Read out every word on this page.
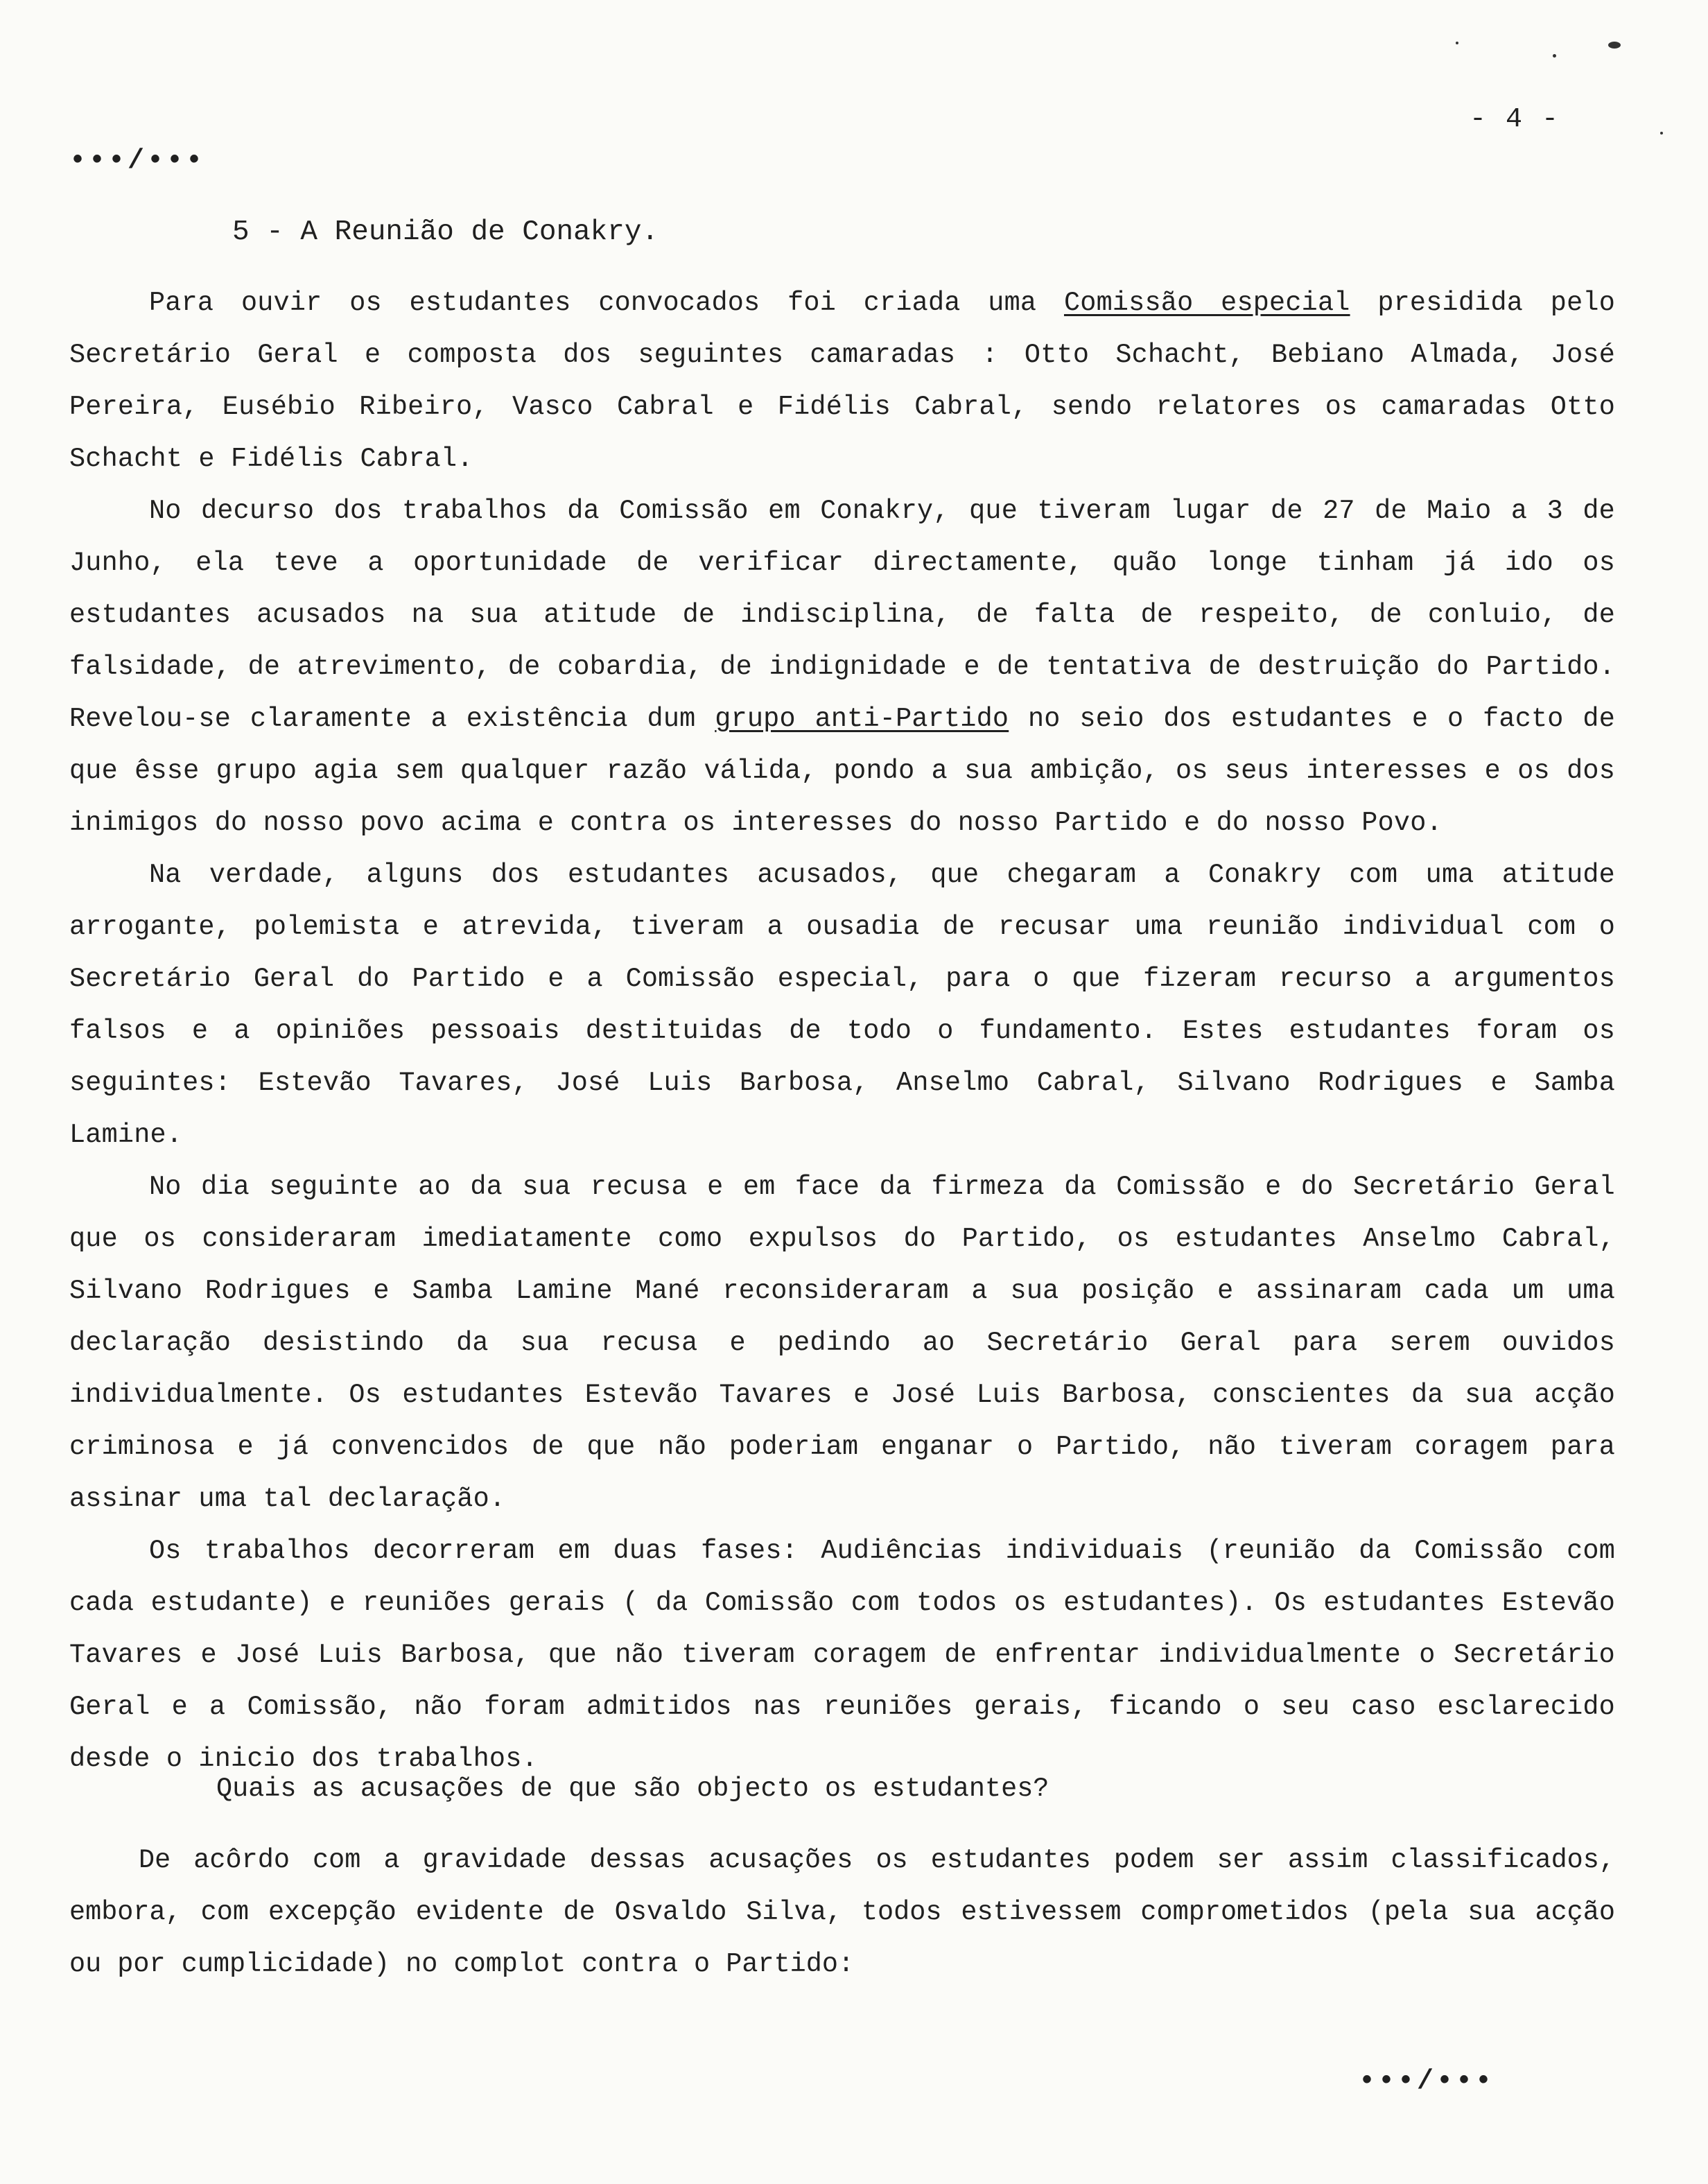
- 4 -
•••/•••
5 - A Reunião de Conakry.

Para ouvir os estudantes convocados foi criada uma Comissão especial presidida pelo Secretário Geral e composta dos seguintes camaradas : Otto Schacht, Bebiano Almada, José Pereira, Eusébio Ribeiro, Vasco Cabral e Fidélis Cabral, sendo relatores os camaradas Otto Schacht e Fidélis Cabral.

No decurso dos trabalhos da Comissão em Conakry, que tiveram lugar de 27 de Maio a 3 de Junho, ela teve a oportunidade de verificar directamente, quão longe tinham já ido os estudantes acusados na sua atitude de indisciplina, de falta de respeito, de conluio, de falsidade, de atrevimento, de cobardia, de indignidade e de tentativa de destruição do Partido. Revelou-se claramente a existência dum grupo anti-Partido no seio dos estudantes e o facto de que êsse grupo agia sem qualquer razão válida, pondo a sua ambição, os seus interesses e os dos inimigos do nosso povo acima e contra os interesses do nosso Partido e do nosso Povo.

Na verdade, alguns dos estudantes acusados, que chegaram a Conakry com uma atitude arrogante, polemista e atrevida, tiveram a ousadia de recusar uma reunião individual com o Secretário Geral do Partido e a Comissão especial, para o que fizeram recurso a argumentos falsos e a opiniões pessoais destituidas de todo o fundamento. Estes estudantes foram os seguintes: Estevão Tavares, José Luis Barbosa, Anselmo Cabral, Silvano Rodrigues e Samba Lamine.

No dia seguinte ao da sua recusa e em face da firmeza da Comissão e do Secretário Geral que os consideraram imediatamente como expulsos do Partido, os estudantes Anselmo Cabral, Silvano Rodrigues e Samba Lamine Mané reconsideraram a sua posição e assinaram cada um uma declaração desistindo da sua recusa e pedindo ao Secretário Geral para serem ouvidos individualmente. Os estudantes Estevão Tavares e José Luis Barbosa, conscientes da sua acção criminosa e já convencidos de que não poderiam enganar o Partido, não tiveram coragem para assinar uma tal declaração.

Os trabalhos decorreram em duas fases: Audiências individuais (reunião da Comissão com cada estudante) e reuniões gerais ( da Comissão com todos os estudantes). Os estudantes Estevão Tavares e José Luis Barbosa, que não tiveram coragem de enfrentar individualmente o Secretário Geral e a Comissão, não foram admitidos nas reuniões gerais, ficando o seu caso esclarecido desde o inicio dos trabalhos.

Quais as acusações de que são objecto os estudantes?

De acôrdo com a gravidade dessas acusações os estudantes podem ser assim classificados, embora, com excepção evidente de Osvaldo Silva, todos estivessem comprometidos (pela sua acção ou por cumplicidade) no complot contra o Partido:

•••/•••
